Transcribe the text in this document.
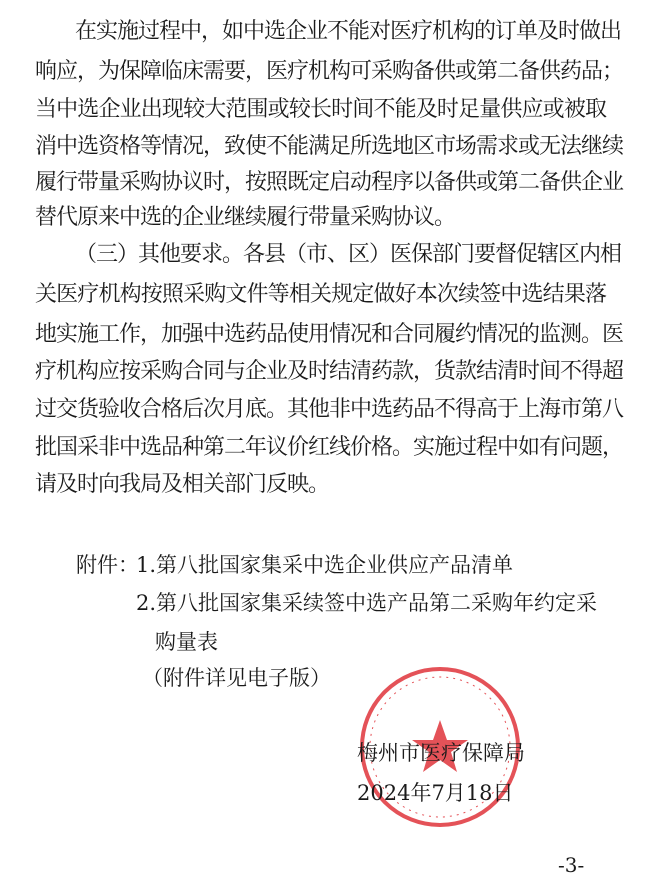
在实施过程中，如中选企业不能对医疗机构的订单及时做出
响应，为保障临床需要，医疗机构可采购备供或第二备供药品；
当中选企业出现较大范围或较长时间不能及时足量供应或被取
消中选资格等情况，致使不能满足所选地区市场需求或无法继续
履行带量采购协议时，按照既定启动程序以备供或第二备供企业
替代原来中选的企业继续履行带量采购协议。
（三）其他要求。各县（市、区）医保部门要督促辖区内相
关医疗机构按照采购文件等相关规定做好本次续签中选结果落
地实施工作，加强中选药品使用情况和合同履约情况的监测。医
疗机构应按采购合同与企业及时结清药款，货款结清时间不得超
过交货验收合格后次月底。其他非中选药品不得高于上海市第八
批国采非中选品种第二年议价红线价格。实施过程中如有问题，
请及时向我局及相关部门反映。
附件：
1.第八批国家集采中选企业供应产品清单
2.第八批国家集采续签中选产品第二采购年约定采
购量表
（附件详见电子版）
梅州市医疗保障局
2024年7月18日
-3-
